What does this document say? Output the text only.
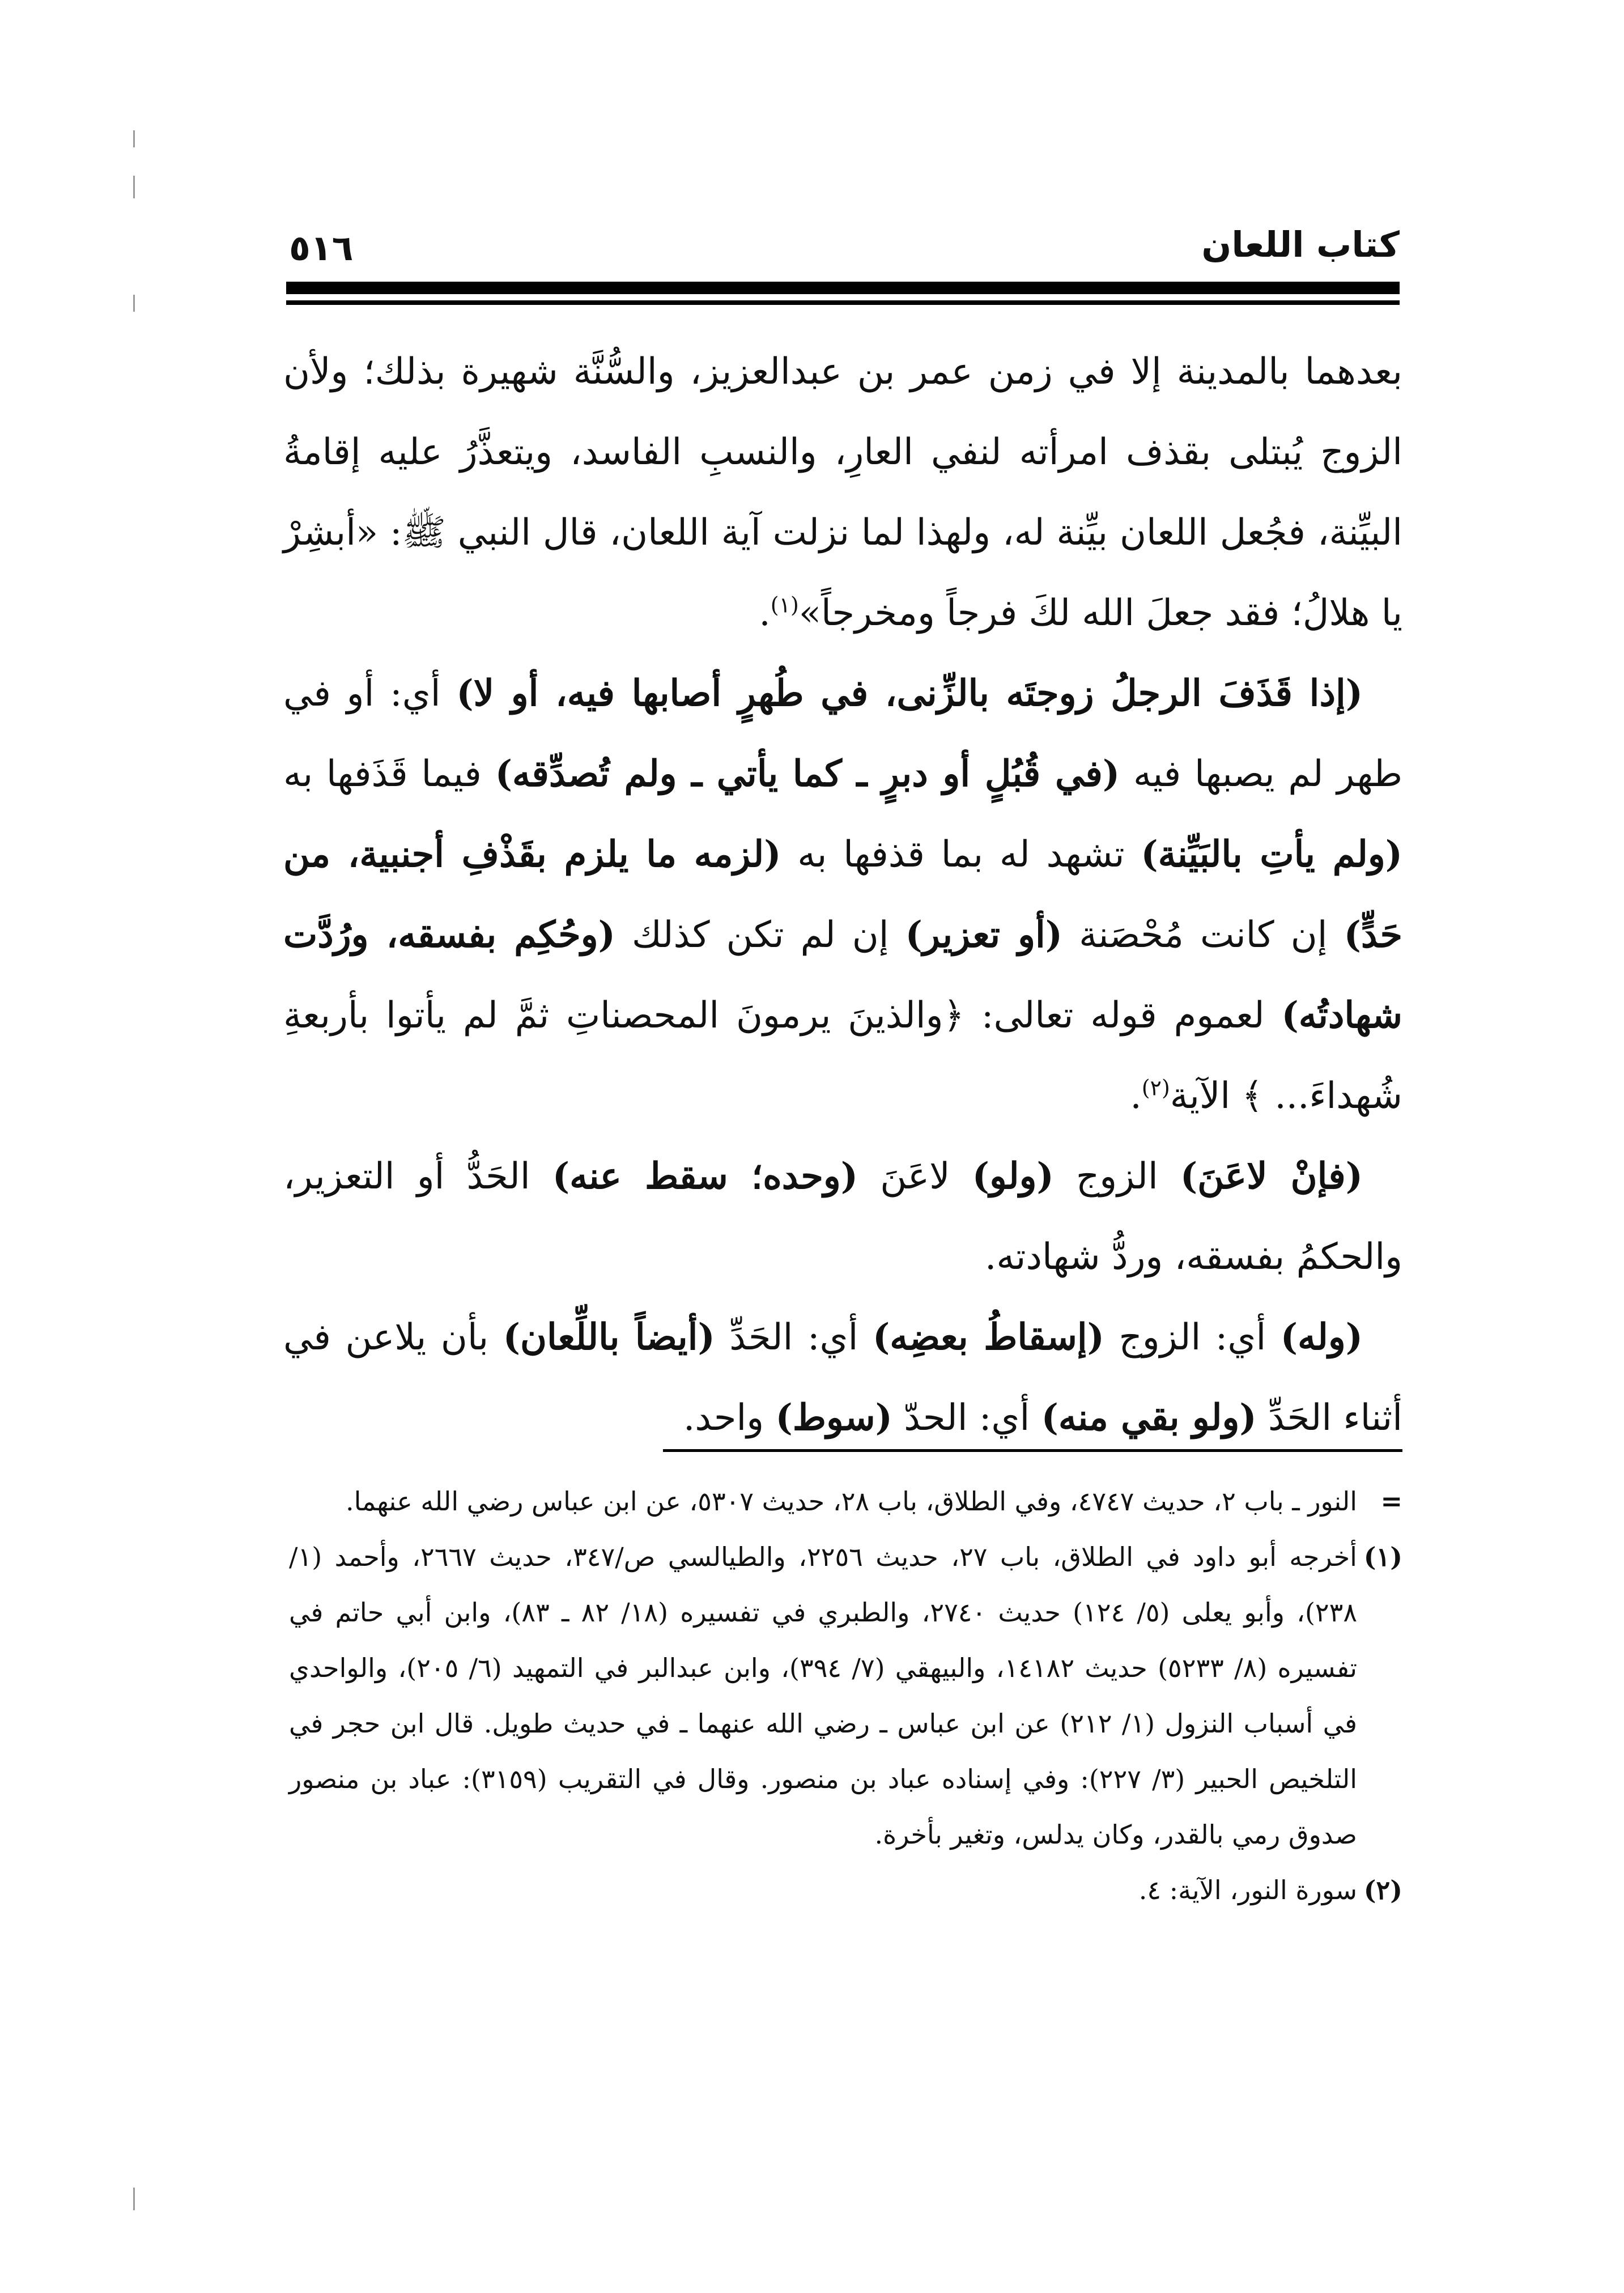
٥١٦	كتاب اللعان

بعدهما بالمدينة إلا في زمن عمر بن عبدالعزيز، والسُّنَّة شهيرة بذلك؛ ولأن الزوج يُبتلى بقذف امرأته لنفي العارِ، والنسبِ الفاسد، ويتعذَّرُ عليه إقامةُ البيِّنة، فجُعل اللعان بيِّنة له، ولهذا لما نزلت آية اللعان، قال النبي ﷺ: «أبشِرْ يا هلالُ؛ فقد جعلَ الله لكَ فرجاً ومخرجاً»$^{(١)}$.

(إذا قَذَفَ الرجلُ زوجتَه بالزِّنى، في طُهرٍ أصابها فيه، أو لا) أي: أو في طهر لم يصبها فيه (في قُبُلٍ أو دبرٍ ـ كما يأتي ـ ولم تُصدِّقه) فيما قَذَفها به (ولم يأتِ بالبَيِّنة) تشهد له بما قذفها به (لزمه ما يلزم بقَذْفِ أجنبية، من حَدٍّ) إن كانت مُحْصَنة (أو تعزير) إن لم تكن كذلك (وحُكِم بفسقه، ورُدَّت شهادتُه) لعموم قوله تعالى: ﴿والذينَ يرمونَ المحصناتِ ثمَّ لم يأتوا بأربعةِ شُهداءَ... ﴾ الآية$^{(٢)}$.

(فإنْ لاعَنَ) الزوج (ولو) لاعَنَ (وحده؛ سقط عنه) الحَدُّ أو التعزير، والحكمُ بفسقه، وردُّ شهادته.

(وله) أي: الزوج (إسقاطُ بعضِه) أي: الحَدِّ (أيضاً باللِّعان) بأن يلاعن في أثناء الحَدِّ (ولو بقي منه) أي: الحدّ (سوط) واحد.

=
النور ـ باب ٢، حديث ٤٧٤٧، وفي الطلاق، باب ٢٨، حديث ٥٣٠٧، عن ابن عباس رضي الله عنهما.

(١)
أخرجه أبو داود في الطلاق، باب ٢٧، حديث ٢٢٥٦، والطيالسي ص/٣٤٧، حديث ٢٦٦٧، وأحمد (١/ ٢٣٨)، وأبو يعلى (٥/ ١٢٤) حديث ٢٧٤٠، والطبري في تفسيره (١٨/ ٨٢ ـ ٨٣)، وابن أبي حاتم في تفسيره (٨/ ٥٢٣٣) حديث ١٤١٨٢، والبيهقي (٧/ ٣٩٤)، وابن عبدالبر في التمهيد (٦/ ٢٠٥)، والواحدي في أسباب النزول (١/ ٢١٢) عن ابن عباس ـ رضي الله عنهما ـ في حديث طويل. قال ابن حجر في التلخيص الحبير (٣/ ٢٢٧): وفي إسناده عباد بن منصور. وقال في التقريب (٣١٥٩): عباد بن منصور صدوق رمي بالقدر، وكان يدلس، وتغير بأخرة.

(٢)
سورة النور، الآية: ٤.
